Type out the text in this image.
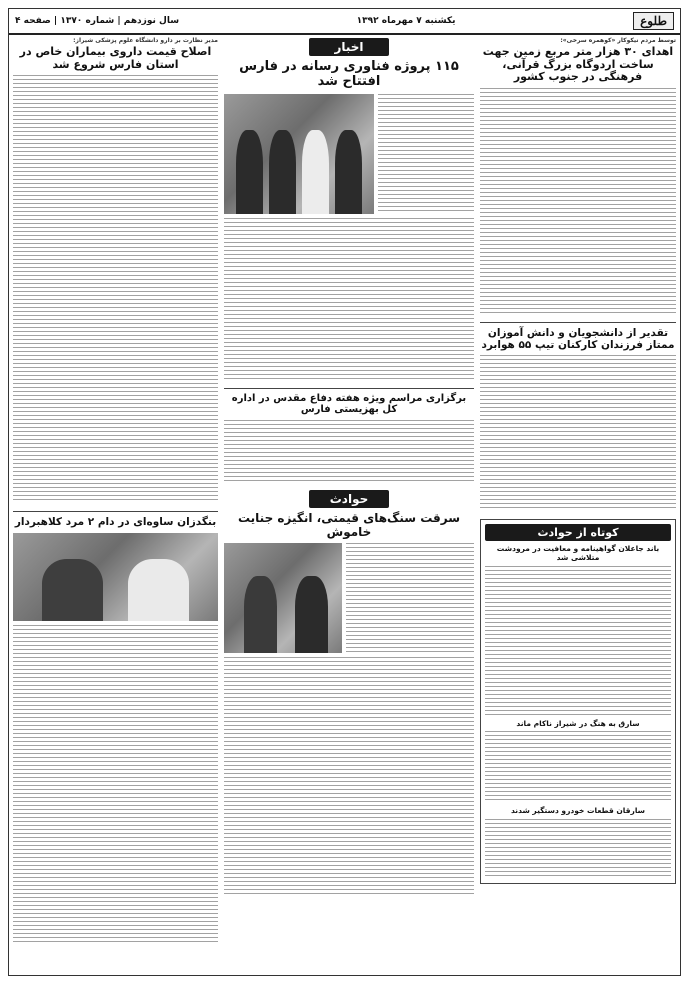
طلوع
یکشنبه ۷ مهرماه ۱۳۹۲
سال نوزدهم | شماره ۱۳۷۰ | صفحه ۴
توسط مردم نیکوکار «کوهمره سرخی»:
اهدای ۳۰ هزار متر مربع زمین جهت ساخت اردوگاه بزرگ قرآنی، فرهنگی در جنوب کشور
تقدیر از دانشجویان و دانش آموزان ممتاز فرزندان کارکنان تیپ ۵۵ هوابرد
کوتاه از حوادث
باند جاعلان گواهینامه و معافیت در مرودشت متلاشی شد
سارق به هنگ در شیراز ناکام ماند
سارقان قطعات خودرو دستگیر شدند
اخبار
۱۱۵ پروژه فناوری رسانه در فارس افتتاح شد
برگزاری مراسم ویژه هفته دفاع مقدس در اداره کل بهزیستی فارس
حوادث
سرقت سنگ‌های قیمتی، انگیزه جنایت خاموش
مدیر نظارت بر دارو دانشگاه علوم پزشکی شیراز:
اصلاح قیمت داروی بیماران خاص در استان فارس شروع شد
بنگدزان ساوه‌ای در دام ۲ مرد کلاهبردار
